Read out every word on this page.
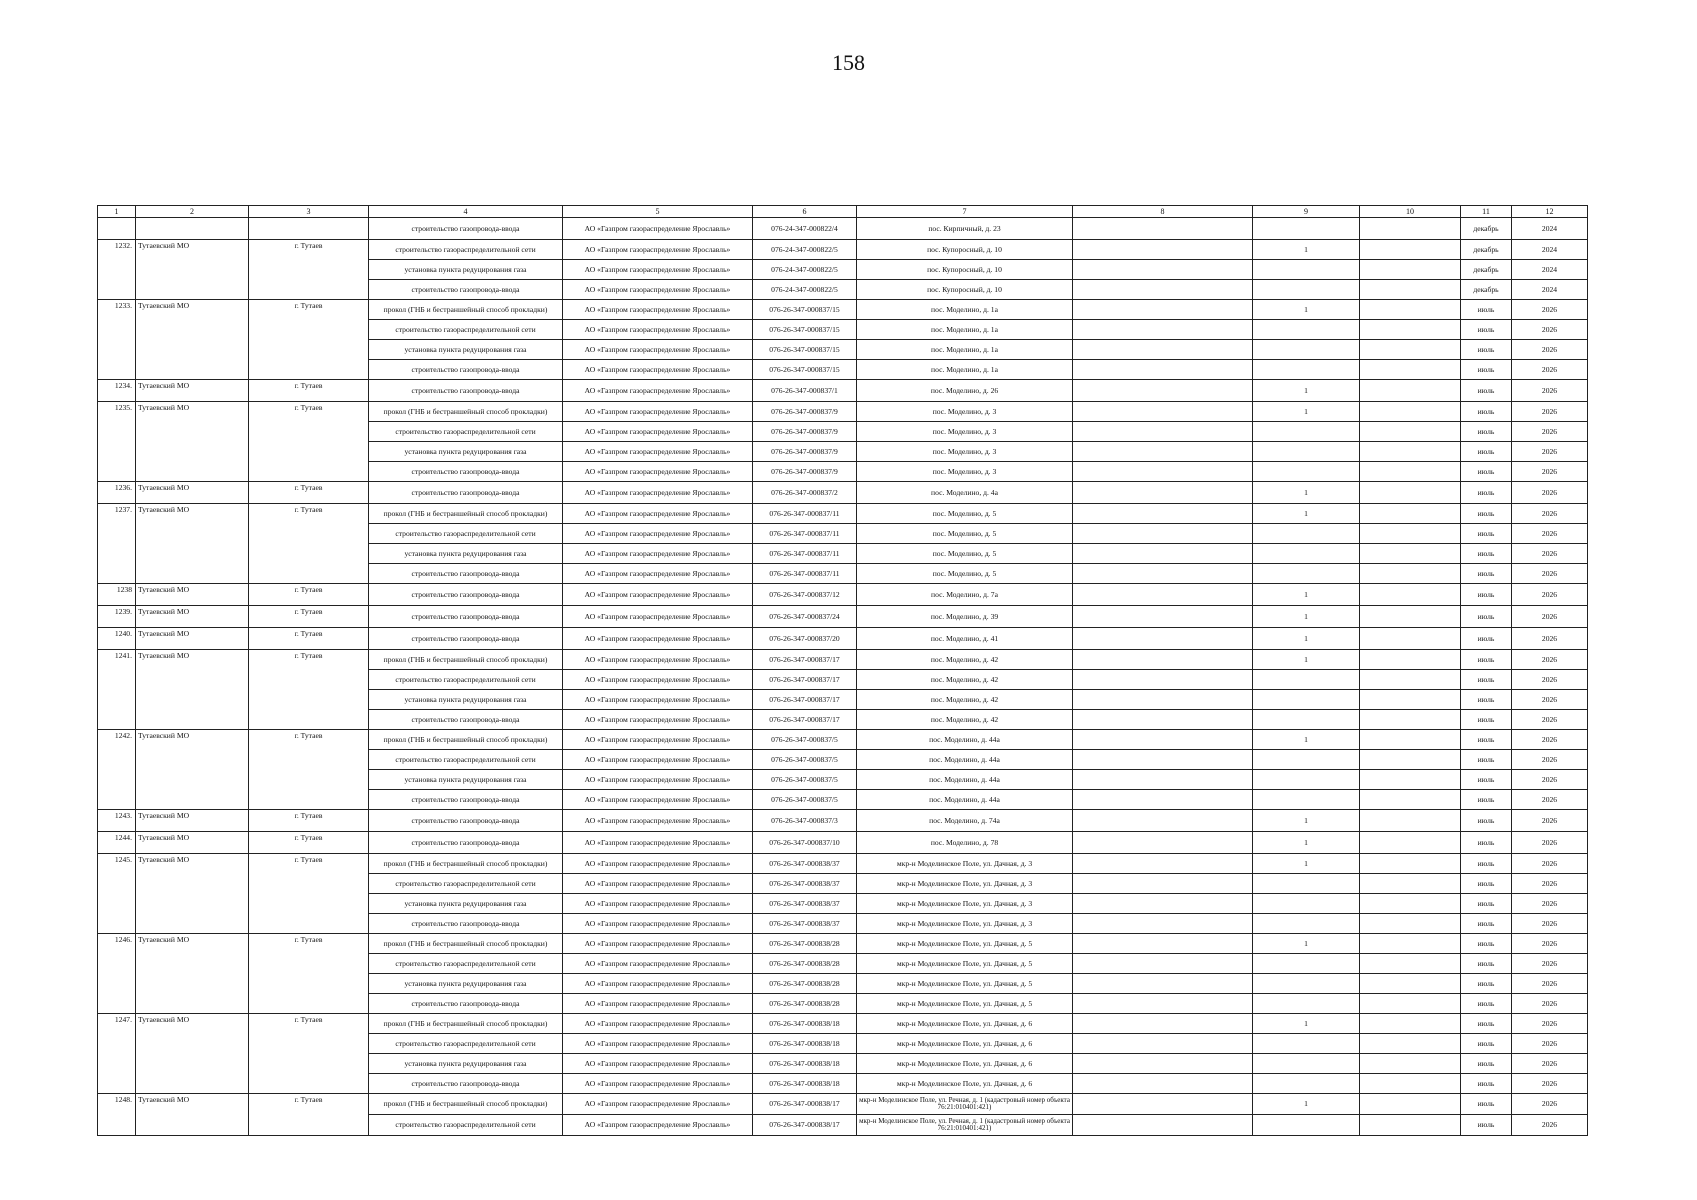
158
1	2	3	4	5	6	7	8	9	10	11	12
			строительство газопровода-ввода	АО «Газпром газораспределение Ярославль»	076-24-347-000822/4	пос. Кирпичный, д. 23				декабрь	2024
1232.	Тутаевский МО	г. Тутаев	строительство газораспределительной сети	АО «Газпром газораспределение Ярославль»	076-24-347-000822/5	пос. Купоросный, д. 10		1		декабрь	2024
			установка пункта редуцирования газа	АО «Газпром газораспределение Ярославль»	076-24-347-000822/5	пос. Купоросный, д. 10				декабрь	2024
			строительство газопровода-ввода	АО «Газпром газораспределение Ярославль»	076-24-347-000822/5	пос. Купоросный, д. 10				декабрь	2024
1233.	Тутаевский МО	г. Тутаев	прокол (ГНБ и бестраншейный способ прокладки)	АО «Газпром газораспределение Ярославль»	076-26-347-000837/15	пос. Моделино, д. 1а		1		июль	2026
			строительство газораспределительной сети	АО «Газпром газораспределение Ярославль»	076-26-347-000837/15	пос. Моделино, д. 1а				июль	2026
			установка пункта редуцирования газа	АО «Газпром газораспределение Ярославль»	076-26-347-000837/15	пос. Моделино, д. 1а				июль	2026
			строительство газопровода-ввода	АО «Газпром газораспределение Ярославль»	076-26-347-000837/15	пос. Моделино, д. 1а				июль	2026
1234.	Тутаевский МО	г. Тутаев	строительство газопровода-ввода	АО «Газпром газораспределение Ярославль»	076-26-347-000837/1	пос. Моделино, д. 26		1		июль	2026
1235.	Тутаевский МО	г. Тутаев	прокол (ГНБ и бестраншейный способ прокладки)	АО «Газпром газораспределение Ярославль»	076-26-347-000837/9	пос. Моделино, д. 3		1		июль	2026
			строительство газораспределительной сети	АО «Газпром газораспределение Ярославль»	076-26-347-000837/9	пос. Моделино, д. 3				июль	2026
			установка пункта редуцирования газа	АО «Газпром газораспределение Ярославль»	076-26-347-000837/9	пос. Моделино, д. 3				июль	2026
			строительство газопровода-ввода	АО «Газпром газораспределение Ярославль»	076-26-347-000837/9	пос. Моделино, д. 3				июль	2026
1236.	Тутаевский МО	г. Тутаев	строительство газопровода-ввода	АО «Газпром газораспределение Ярославль»	076-26-347-000837/2	пос. Моделино, д. 4а		1		июль	2026
1237.	Тутаевский МО	г. Тутаев	прокол (ГНБ и бестраншейный способ прокладки)	АО «Газпром газораспределение Ярославль»	076-26-347-000837/11	пос. Моделино, д. 5		1		июль	2026
			строительство газораспределительной сети	АО «Газпром газораспределение Ярославль»	076-26-347-000837/11	пос. Моделино, д. 5				июль	2026
			установка пункта редуцирования газа	АО «Газпром газораспределение Ярославль»	076-26-347-000837/11	пос. Моделино, д. 5				июль	2026
			строительство газопровода-ввода	АО «Газпром газораспределение Ярославль»	076-26-347-000837/11	пос. Моделино, д. 5				июль	2026
1238	Тутаевский МО	г. Тутаев	строительство газопровода-ввода	АО «Газпром газораспределение Ярославль»	076-26-347-000837/12	пос. Моделино, д. 7а		1		июль	2026
1239.	Тутаевский МО	г. Тутаев	строительство газопровода-ввода	АО «Газпром газораспределение Ярославль»	076-26-347-000837/24	пос. Моделино, д. 39		1		июль	2026
1240.	Тутаевский МО	г. Тутаев	строительство газопровода-ввода	АО «Газпром газораспределение Ярославль»	076-26-347-000837/20	пос. Моделино, д. 41		1		июль	2026
1241.	Тутаевский МО	г. Тутаев	прокол (ГНБ и бестраншейный способ прокладки)	АО «Газпром газораспределение Ярославль»	076-26-347-000837/17	пос. Моделино, д. 42		1		июль	2026
			строительство газораспределительной сети	АО «Газпром газораспределение Ярославль»	076-26-347-000837/17	пос. Моделино, д. 42				июль	2026
			установка пункта редуцирования газа	АО «Газпром газораспределение Ярославль»	076-26-347-000837/17	пос. Моделино, д. 42				июль	2026
			строительство газопровода-ввода	АО «Газпром газораспределение Ярославль»	076-26-347-000837/17	пос. Моделино, д. 42				июль	2026
1242.	Тутаевский МО	г. Тутаев	прокол (ГНБ и бестраншейный способ прокладки)	АО «Газпром газораспределение Ярославль»	076-26-347-000837/5	пос. Моделино, д. 44а		1		июль	2026
			строительство газораспределительной сети	АО «Газпром газораспределение Ярославль»	076-26-347-000837/5	пос. Моделино, д. 44а				июль	2026
			установка пункта редуцирования газа	АО «Газпром газораспределение Ярославль»	076-26-347-000837/5	пос. Моделино, д. 44а				июль	2026
			строительство газопровода-ввода	АО «Газпром газораспределение Ярославль»	076-26-347-000837/5	пос. Моделино, д. 44а				июль	2026
1243.	Тутаевский МО	г. Тутаев	строительство газопровода-ввода	АО «Газпром газораспределение Ярославль»	076-26-347-000837/3	пос. Моделино, д. 74а		1		июль	2026
1244.	Тутаевский МО	г. Тутаев	строительство газопровода-ввода	АО «Газпром газораспределение Ярославль»	076-26-347-000837/10	пос. Моделино, д. 78		1		июль	2026
1245.	Тутаевский МО	г. Тутаев	прокол (ГНБ и бестраншейный способ прокладки)	АО «Газпром газораспределение Ярославль»	076-26-347-000838/37	мкр-н Моделинское Поле, ул. Дачная, д. 3		1		июль	2026
			строительство газораспределительной сети	АО «Газпром газораспределение Ярославль»	076-26-347-000838/37	мкр-н Моделинское Поле, ул. Дачная, д. 3				июль	2026
			установка пункта редуцирования газа	АО «Газпром газораспределение Ярославль»	076-26-347-000838/37	мкр-н Моделинское Поле, ул. Дачная, д. 3				июль	2026
			строительство газопровода-ввода	АО «Газпром газораспределение Ярославль»	076-26-347-000838/37	мкр-н Моделинское Поле, ул. Дачная, д. 3				июль	2026
1246.	Тутаевский МО	г. Тутаев	прокол (ГНБ и бестраншейный способ прокладки)	АО «Газпром газораспределение Ярославль»	076-26-347-000838/28	мкр-н Моделинское Поле, ул. Дачная, д. 5		1		июль	2026
			строительство газораспределительной сети	АО «Газпром газораспределение Ярославль»	076-26-347-000838/28	мкр-н Моделинское Поле, ул. Дачная, д. 5				июль	2026
			установка пункта редуцирования газа	АО «Газпром газораспределение Ярославль»	076-26-347-000838/28	мкр-н Моделинское Поле, ул. Дачная, д. 5				июль	2026
			строительство газопровода-ввода	АО «Газпром газораспределение Ярославль»	076-26-347-000838/28	мкр-н Моделинское Поле, ул. Дачная, д. 5				июль	2026
1247.	Тутаевский МО	г. Тутаев	прокол (ГНБ и бестраншейный способ прокладки)	АО «Газпром газораспределение Ярославль»	076-26-347-000838/18	мкр-н Моделинское Поле, ул. Дачная, д. 6		1		июль	2026
			строительство газораспределительной сети	АО «Газпром газораспределение Ярославль»	076-26-347-000838/18	мкр-н Моделинское Поле, ул. Дачная, д. 6				июль	2026
			установка пункта редуцирования газа	АО «Газпром газораспределение Ярославль»	076-26-347-000838/18	мкр-н Моделинское Поле, ул. Дачная, д. 6				июль	2026
			строительство газопровода-ввода	АО «Газпром газораспределение Ярославль»	076-26-347-000838/18	мкр-н Моделинское Поле, ул. Дачная, д. 6				июль	2026
1248.	Тутаевский МО	г. Тутаев	прокол (ГНБ и бестраншейный способ прокладки)	АО «Газпром газораспределение Ярославль»	076-26-347-000838/17	мкр-н Моделинское Поле, ул. Речная, д. 1 (кадастровый номер объекта 76:21:010401:421)		1		июль	2026
			строительство газораспределительной сети	АО «Газпром газораспределение Ярославль»	076-26-347-000838/17	мкр-н Моделинское Поле, ул. Речная, д. 1 (кадастровый номер объекта 76:21:010401:421)				июль	2026
